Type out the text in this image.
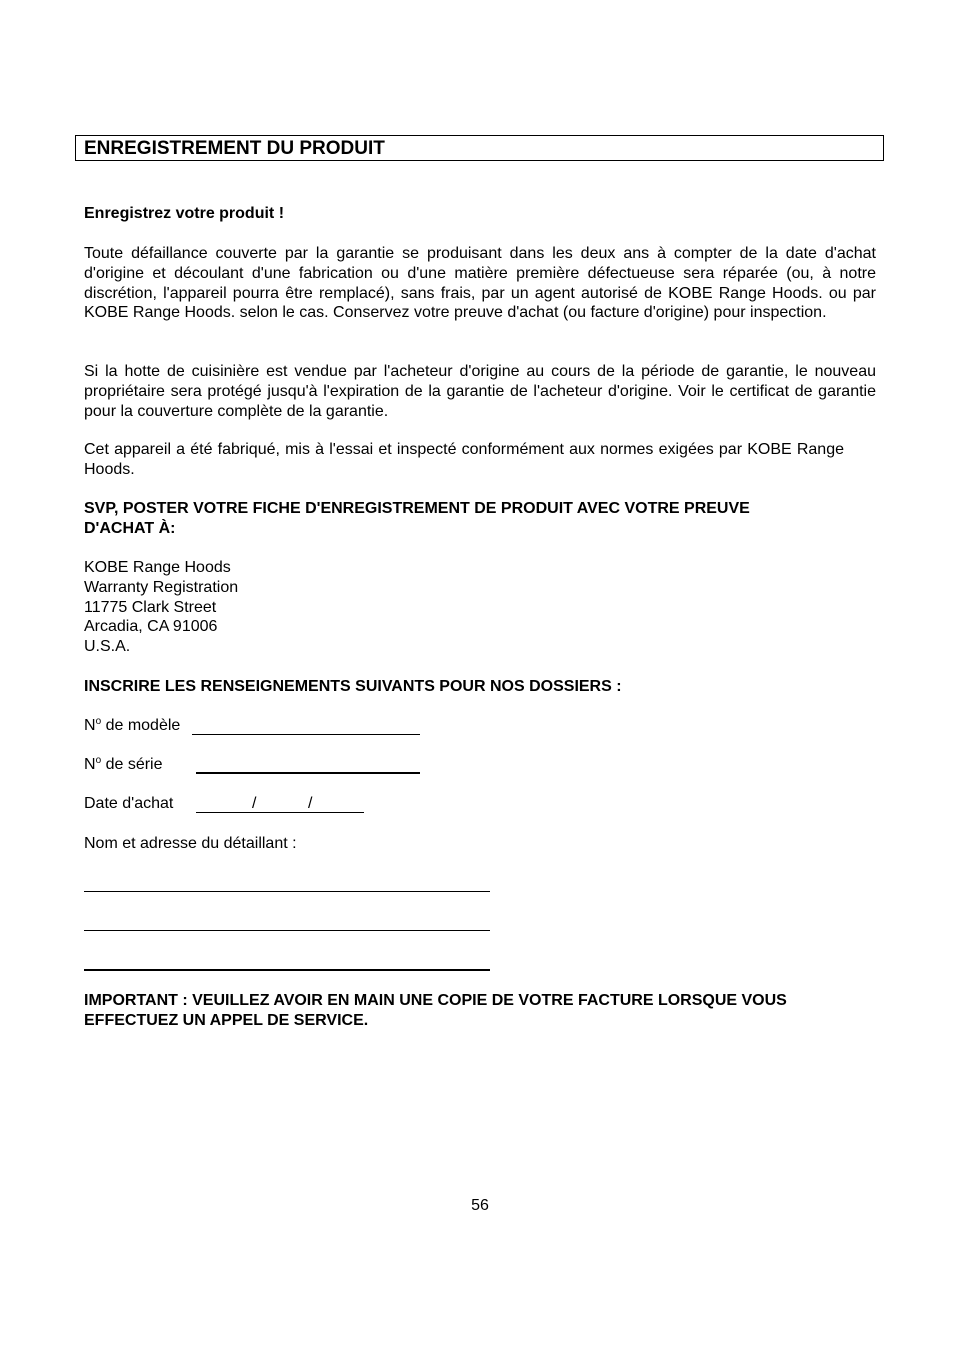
ENREGISTREMENT DU PRODUIT
Enregistrez votre produit !

Toute défaillance couverte par la garantie se produisant dans les deux ans à compter de la date d'achat d'origine et découlant d'une fabrication ou d'une matière première défectueuse sera réparée (ou, à notre discrétion, l'appareil pourra être remplacé), sans frais, par un agent autorisé de KOBE Range Hoods. ou par KOBE Range Hoods. selon le cas. Conservez votre preuve d'achat (ou facture d'origine) pour inspection.

Si la hotte de cuisinière est vendue par l'acheteur d'origine au cours de la période de garantie, le nouveau propriétaire sera protégé jusqu'à l'expiration de la garantie de l'acheteur d'origine. Voir le certificat de garantie pour la couverture complète de la garantie.

Cet appareil a été fabriqué, mis à l'essai et inspecté conformément aux normes exigées par KOBE Range Hoods.

SVP, POSTER VOTRE FICHE D'ENREGISTREMENT DE PRODUIT AVEC VOTRE PREUVE
D'ACHAT À:
KOBE Range Hoods
Warranty Registration
11775 Clark Street
Arcadia, CA 91006
U.S.A.
INSCRIRE LES RENSEIGNEMENTS SUIVANTS POUR NOS DOSSIERS :
$N^o$ de modèle
$N^o$ de série
Date d'achat	/	/
Nom et adresse du détaillant :
IMPORTANT : VEUILLEZ AVOIR EN MAIN UNE COPIE DE VOTRE FACTURE LORSQUE VOUS
EFFECTUEZ UN APPEL DE SERVICE.
56
